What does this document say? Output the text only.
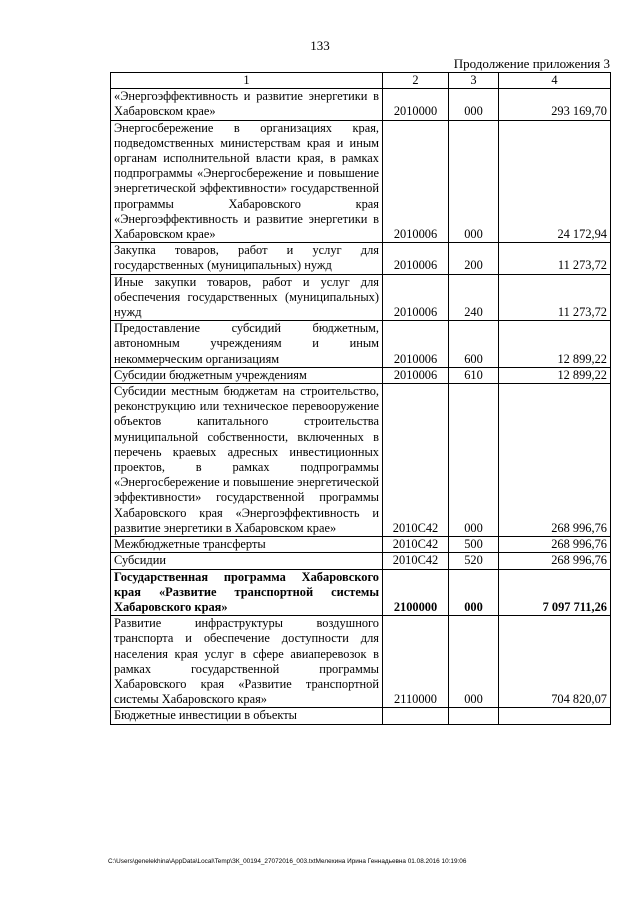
133
Продолжение приложения 3
1	2	3	4
«Энергоэффективность и развитие энергетики в Хабаровском крае»	2010000	000	293 169,70
Энергосбережение в организациях края, подведомственных министерствам края и иным органам исполнительной власти края, в рамках подпрограммы «Энергосбережение и повышение энергетической эффективности» государственной программы Хабаровского края «Энергоэффективность и развитие энергетики в Хабаровском крае»	2010006	000	24 172,94
Закупка товаров, работ и услуг для государственных (муниципальных) нужд	2010006	200	11 273,72
Иные закупки товаров, работ и услуг для обеспечения государственных (муниципальных) нужд	2010006	240	11 273,72
Предоставление субсидий бюджетным, автономным учреждениям и иным некоммерческим организациям	2010006	600	12 899,22
Субсидии бюджетным учреждениям	2010006	610	12 899,22
Субсидии местным бюджетам на строительство, реконструкцию или техническое перевооружение объектов капитального строительства муниципальной собственности, включенных в перечень краевых адресных инвестиционных проектов, в рамках подпрограммы «Энергосбережение и повышение энергетической эффективности» государственной программы Хабаровского края «Энергоэффективность и развитие энергетики в Хабаровском крае»	2010С42	000	268 996,76
Межбюджетные трансферты	2010С42	500	268 996,76
Субсидии	2010С42	520	268 996,76
Государственная программа Хабаровского края «Развитие транспортной системы Хабаровского края»	2100000	000	7 097 711,26
Развитие инфраструктуры воздушного транспорта и обеспечение доступности для населения края услуг в сфере авиаперевозок в рамках государственной программы Хабаровского края «Развитие транспортной системы Хабаровского края»	2110000	000	704 820,07
Бюджетные инвестиции в объекты			
C:\Users\genelekhina\AppData\Local\Temp\ЗК_00194_27072016_003.txtМелехина Ирина Геннадьевна 01.08.2016 10:19:06
